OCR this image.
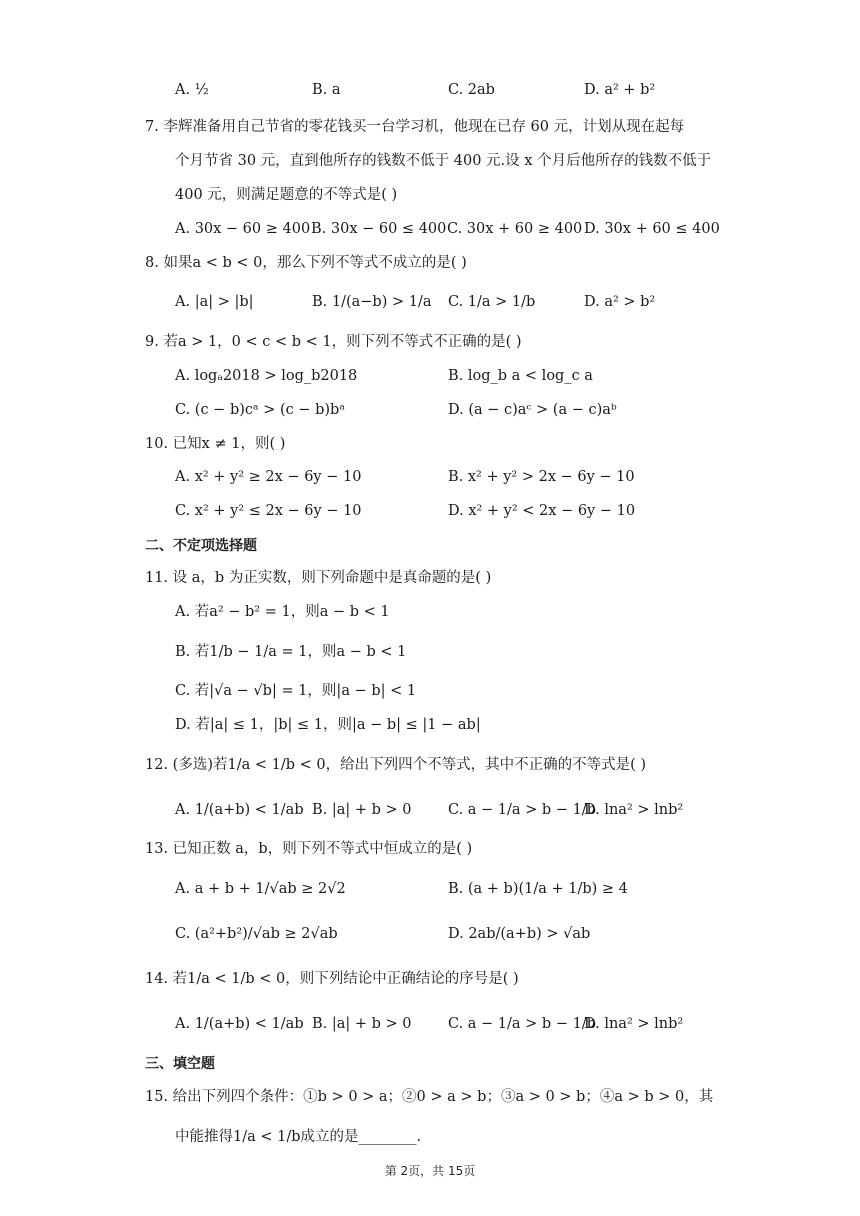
A. ½	B. a	C. 2ab	D. a² + b²
7. 李辉准备用自己节省的零花钱买一台学习机，他现在已存 60 元，计划从现在起每
个月节省 30 元，直到他所存的钱数不低于 400 元.设 x 个月后他所存的钱数不低于
400 元，则满足题意的不等式是( )
A. 30x − 60 ≥ 400 B. 30x − 60 ≤ 400 C. 30x + 60 ≥ 400 D. 30x + 60 ≤ 400
8. 如果a < b < 0，那么下列不等式不成立的是( )
A. |a| > |b|	B. 1/(a−b) > 1/a C. 1/a > 1/b	D. a² > b²
9. 若a > 1，0 < c < b < 1，则下列不等式不正确的是( )
A. logₐ2018 > log_b2018	B. log_b a < log_c a
C. (c − b)cᵃ > (c − b)bᵃ	D. (a − c)aᶜ > (a − c)aᵇ
10. 已知x ≠ 1，则( )
A. x² + y² ≥ 2x − 6y − 10	B. x² + y² > 2x − 6y − 10
C. x² + y² ≤ 2x − 6y − 10	D. x² + y² < 2x − 6y − 10
二、不定项选择题
11. 设 a，b 为正实数，则下列命题中是真命题的是( )
A. 若a² − b² = 1，则a − b < 1
B. 若1/b − 1/a = 1，则a − b < 1
C. 若|√a − √b| = 1，则|a − b| < 1
D. 若|a| ≤ 1，|b| ≤ 1，则|a − b| ≤ |1 − ab|
12. (多选)若1/a < 1/b < 0，给出下列四个不等式，其中不正确的不等式是( )
A. 1/(a+b) < 1/ab B. |a| + b > 0	C. a − 1/a > b − 1/b
D. lna² > lnb²
13. 已知正数 a，b，则下列不等式中恒成立的是( )
A. a + b + 1/√ab ≥ 2√2	B. (a + b)(1/a + 1/b) ≥ 4
C. (a²+b²)/√ab ≥ 2√ab	D. 2ab/(a+b) > √ab
14. 若1/a < 1/b < 0，则下列结论中正确结论的序号是( )
A. 1/(a+b) < 1/ab B. |a| + b > 0	C. a − 1/a > b − 1/b
D. lna² > lnb²
三、填空题
15. 给出下列四个条件：①b > 0 > a；②0 > a > b；③a > 0 > b；④a > b > 0，其
中能推得1/a < 1/b成立的是________.
第 2页，共 15页
